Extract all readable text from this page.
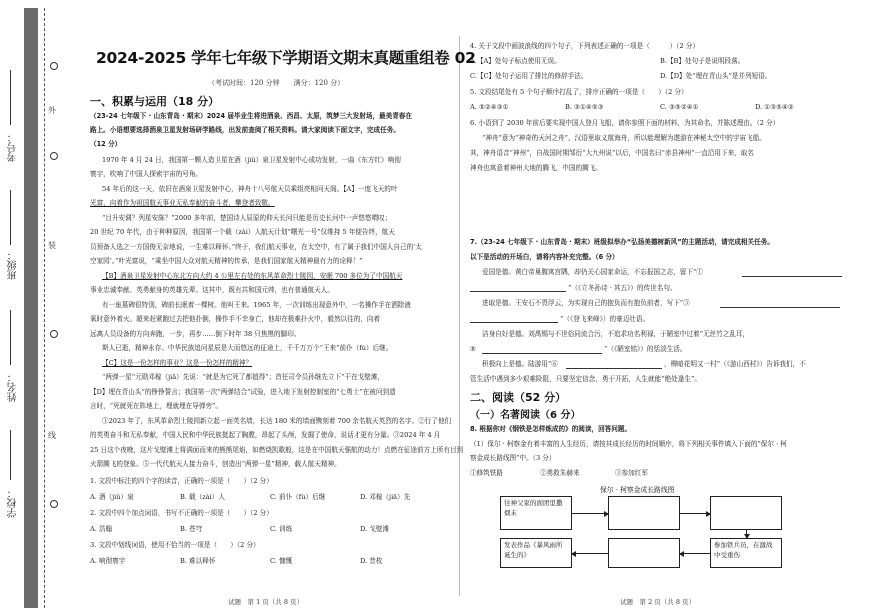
学校：
姓名：
班级：
考号：
外
装
线
2024-2025 学年七年级下学期语文期末真题重组卷 02
（考试时间：120 分钟　　满分：120 分）
一、积累与运用（18 分）
（23-24 七年级下 · 山东青岛 · 期末）2024 届毕业生将进酒泉、西昌、太原，筑梦三大发射场，最美青春在
路上。小语想要选择酒泉卫星发射场研学路线，出发前查阅了相关资料。请大家阅读下面文字，完成任务。
（12 分）
1970 年 4 月 24 日，我国第一颗人造卫星在酒（jiǔ）泉卫星发射中心成功发射，一曲《东方红》响彻
寰宇，吹响了中国人探索宇宙的号角。
54 年后的这一天，依旧在酒泉卫星发射中心，神舟十八号航天员乘组亮相问天阁。【A】一度飞天的叶
光富，向着作为祖国航天事业无私奉献的奋斗者，攀登者致敬。
“目升安调？列星安陈？”2000 多年前，楚国诗人屈原的仰天长问只能是历史长河中一声悠悠喟叹；
20 世纪 70 年代，由于种种原因，我国第一个载（zài）人航天计划“曙光一号”仅维持 5 年便告终，航天
员预备人选之一方国俊无奈地说，一生难以释怀。”终于，我们航天事业，在太空中，有了属于我们中国人自己的‘太
空家园’。”叶光富说，“乘坐中国大众对航天精神的传承，是我们国家航天精神最有力的诠释！”
【B】酒泉卫星发射中心东北方向大约 4 公里左右处的东风革命烈士陵园，安眠 700 多位为了中国航天
事业忠诚奉献、英勇献身的英雄先辈。这其中，既有共和国元帅，也有普通航天人。
有一座墓碑很特别，碑前长眠着一棵树。他叫王来。1965 年，一次训练出现意外中，一名操作手在洒除液
氧时意外着火。超来赶紧跑过去把他扑倒，操作手不幸身亡，他却在极难扑火中，毅然以往的，向着
远离人员设备的方向奔跑，一步，再步……倒下时年 38 只焦黑的脚印。
斯人已逝，精神永存。中华民族追问星辰是大而悠远的征途上，千千万万个“王来”前仆（fù）后继。
【C】这是一份怎样的事业？这是一份怎样的精神？
“两弹一星”元勋邓稼（jiā）先说：“就是为它死了都值得”；首任司令员孙继先立下“干在戈壁滩，
【D】埋在青山头”的铮铮誓言；我国第一次“两弹结合”试验，进入地下发射控制室的“七勇士”在被问到遗
言时，“死就死在阵地上，埋就埋在导弹旁”。
①2023 年了，东风革命烈士陵园新立起一面英名墙，长达 180 米的墙面镌刻着 700 余名航天英烈的名字。②行了他们
的英勇奋斗和无私奉献，中国人民和中华民族挺起了胸膛，昂起了头颅，发掘了使命，说话才更有分量。③2024 年 4 月
25 日这个夜晚，这片戈壁滩上将满面而来的熊熊尾焰，如燃烧凯歌般，这是在中国航天强航的动力！点燃在征途前方上所有目到
火箭腾飞的登象。⑤一代代航天人接力奋斗，创造出“两弹一星”精神，载人航天精神。
1. 文段中标注的四个字的读音，正确的一项是（　　）（2 分）
A. 酒（jiǔ）泉	B. 载（zài）人	C. 前仆（fù）后继	D. 邓稼（jiā）先
2. 文段中四个加点词语，书写不正确的一项是（　　）（2 分）
A. 浩翰	B. 苍穹	C. 训练	D. 戈壁滩
3. 文段中划线词语，使用不恰当的一项是（　　）（2 分）
A. 响彻寰宇	B. 难以释怀	C. 慷慨	D. 昔枚
试题　第 1 页（共 8 页）
4. 关于文段中画波浪线的四个句子，下列表述正确的一项是（　　　）（2 分）
A.【A】处句子标点使用无误。	B.【B】处句子是说明段落。
C.【C】处句子运用了排比的修辞手法。	D.【D】处“埋在青山头”是并列短语。
5. 文段结尾处有 5 个句子顺序打乱了，排序正确的一项是（　　）（2 分）
A. ⑤②④③①	B. ③①④⑤③	C. ③⑤②④①	D. ①③⑤④②
6. 小语到了 2030 年前后要实现中国人登月飞船，请你参照下面的材料，为其命名，并陈述理由。（2 分）
“神舟”意为“神奇的天河之舟”，汉语里取义航海舟，所以能理解为遨游在神秘太空中的宇宙飞船。
其，神舟语音“神州”，自战国时期邹衍“大九州说”以后，中国名曰“赤县神州”一直沿用下来，取名
神舟也寓意着神州大地的腾飞，中国的腾飞。
7.（23-24 七年级下 · 山东青岛 · 期末）班级拟举办“弘扬美德树新风”的主题活动，请完成相关任务。
以下是活动的开场白，请将内容补充完整。（6 分）
爱国是德。黄白帝巢腹寓宫隅，却仍关心国家命运，不忘报国之志，留下“①
”（《立冬孙诗 · 其五》）的传世名句。
进取是德。王安石不畏浮云，为实现自己的抱负而有抱负前者，写下“③
”（《登飞来峰》）的豪迈壮语。
洁身自好是德。刘禹锡与不世俗同流合污，不追求功名利禄，于陋室中过着“无丝竹之乱耳，
⑤	”（《陋室铭》）的恬淡生活。
积极向上是德。陆游用“⑥	，柳暗花明又一村”（《游山西村》）告诉我们，不
管生活中遇到多少艰难险阻，只要坚定信念，勇于开拓，人生就能“绝处逢生”。
二、阅读（52 分）
（一）名著阅读（6 分）
8. 根据你对《钢铁是怎样炼成的》的阅读，回答问题。
（1）保尔 · 柯察金有着丰富的人生经历，请按其成长经历的时间顺序，将下列相关事件填入下面的“保尔 · 柯
察金成长路线图”中。（3 分）
①修筑铁路	②勇救朱赫来	③参加红军
保尔 · 柯察金成长路线图
往神父家的面团里撒烟末
参加铁兵员，在激战中受重伤
发表作品《暴风雨所诞生的》
试题　第 2 页（共 8 页）
